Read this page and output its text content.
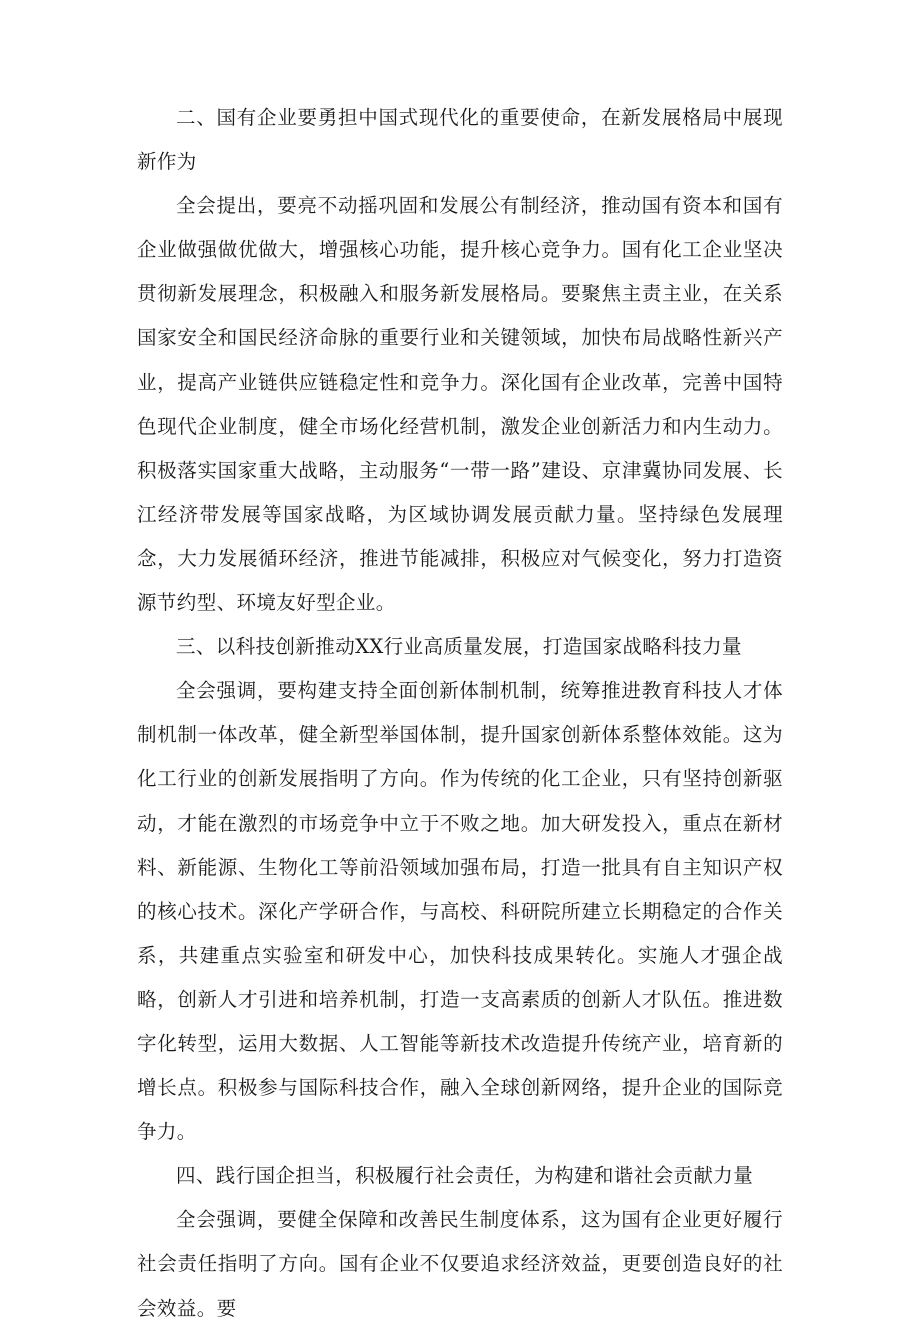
二、国有企业要勇担中国式现代化的重要使命，在新发展格局中展现新作为

全会提出，要亮不动摇巩固和发展公有制经济，推动国有资本和国有企业做强做优做大，增强核心功能，提升核心竞争力。国有化工企业坚决贯彻新发展理念，积极融入和服务新发展格局。要聚焦主责主业，在关系国家安全和国民经济命脉的重要行业和关键领域，加快布局战略性新兴产业，提高产业链供应链稳定性和竞争力。深化国有企业改革，完善中国特色现代企业制度，健全市场化经营机制，激发企业创新活力和内生动力。积极落实国家重大战略，主动服务“一带一路”建设、京津冀协同发展、长江经济带发展等国家战略，为区域协调发展贡献力量。坚持绿色发展理念，大力发展循环经济，推进节能减排，积极应对气候变化，努力打造资源节约型、环境友好型企业。

三、以科技创新推动XX行业高质量发展，打造国家战略科技力量

全会强调，要构建支持全面创新体制机制，统筹推进教育科技人才体制机制一体改革，健全新型举国体制，提升国家创新体系整体效能。这为化工行业的创新发展指明了方向。作为传统的化工企业，只有坚持创新驱动，才能在激烈的市场竞争中立于不败之地。加大研发投入，重点在新材料、新能源、生物化工等前沿领域加强布局，打造一批具有自主知识产权的核心技术。深化产学研合作，与高校、科研院所建立长期稳定的合作关系，共建重点实验室和研发中心，加快科技成果转化。实施人才强企战略，创新人才引进和培养机制，打造一支高素质的创新人才队伍。推进数字化转型，运用大数据、人工智能等新技术改造提升传统产业，培育新的增长点。积极参与国际科技合作，融入全球创新网络，提升企业的国际竞争力。

四、践行国企担当，积极履行社会责任，为构建和谐社会贡献力量

全会强调，要健全保障和改善民生制度体系，这为国有企业更好履行社会责任指明了方向。国有企业不仅要追求经济效益，更要创造良好的社会效益。要
